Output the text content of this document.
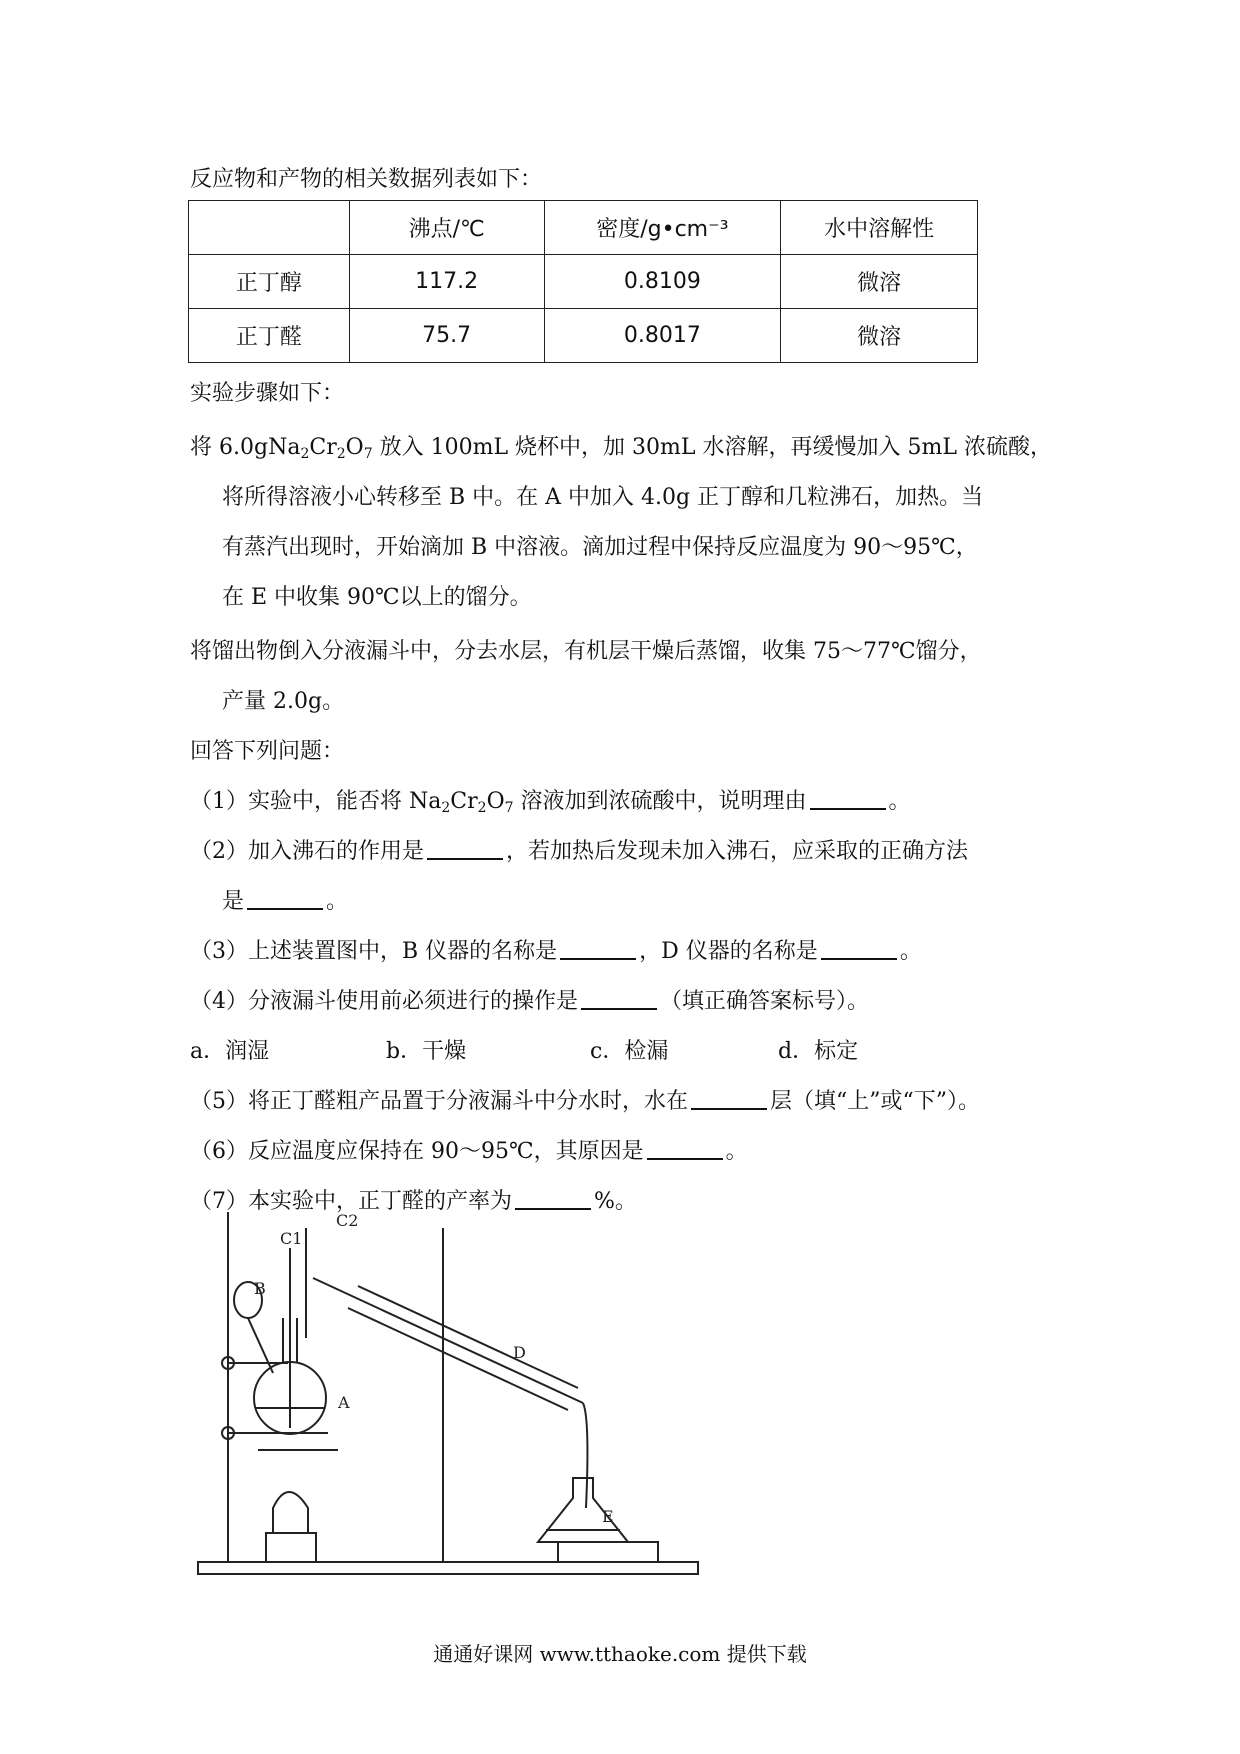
反应物和产物的相关数据列表如下：
	沸点/℃	密度/g•cm⁻³	水中溶解性
正丁醇	117.2	0.8109	微溶
正丁醛	75.7	0.8017	微溶
实验步骤如下：
将 $6.0gNa_2Cr_2O_7$ 放入 100mL 烧杯中，加 30mL 水溶解，再缓慢加入 5mL 浓硫酸，
将所得溶液小心转移至 B 中。在 A 中加入 4.0g 正丁醇和几粒沸石，加热。当
有蒸汽出现时，开始滴加 B 中溶液。滴加过程中保持反应温度为 90～95℃，
在 E 中收集 90℃以上的馏分。
将馏出物倒入分液漏斗中，分去水层，有机层干燥后蒸馏，收集 75～77℃馏分，
产量 2.0g。
回答下列问题：
（1）实验中，能否将 $Na_2Cr_2O_7$ 溶液加到浓硫酸中，说明理由	。
（2）加入沸石的作用是	，若加热后发现未加入沸石，应采取的正确方法
是	。
（3）上述装置图中，B 仪器的名称是	，D 仪器的名称是	。
（4）分液漏斗使用前必须进行的操作是	（填正确答案标号）。
a．润湿	b．干燥	c．检漏	d．标定
（5）将正丁醛粗产品置于分液漏斗中分水时，水在	层（填“上”或“下”）。
（6）反应温度应保持在 90～95℃，其原因是	。
（7）本实验中，正丁醛的产率为	%。
C1
C2
B
A
D
E
通通好课网 www.tthaoke.com 提供下载
